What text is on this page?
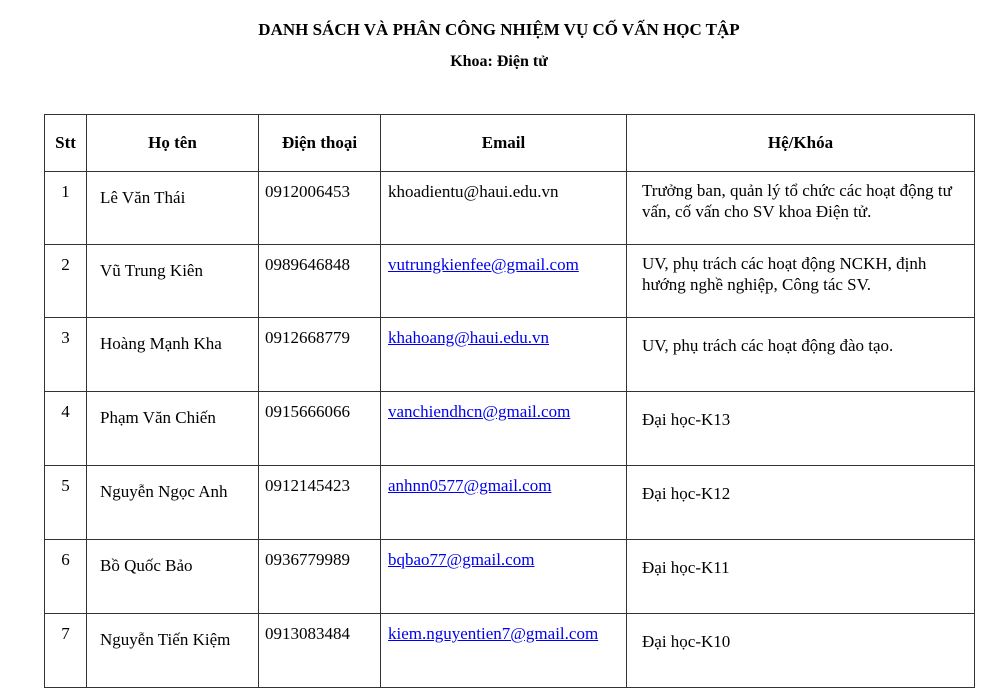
DANH SÁCH VÀ PHÂN CÔNG NHIỆM VỤ CỐ VẤN HỌC TẬP
Khoa: Điện tử
Stt	Họ tên	Điện thoại	Email	Hệ/Khóa
1	Lê Văn Thái	0912006453	khoadientu@haui.edu.vn	Trưởng ban, quản lý tổ chức các hoạt động tư vấn, cố vấn cho SV khoa Điện tử.
2	Vũ Trung Kiên	0989646848	vutrungkienfee@gmail.com	UV, phụ trách các hoạt động NCKH, định hướng nghề nghiệp, Công tác SV.
3	Hoàng Mạnh Kha	0912668779	khahoang@haui.edu.vn	UV, phụ trách các hoạt động đào tạo.
4	Phạm Văn Chiến	0915666066	vanchiendhcn@gmail.com	Đại học-K13
5	Nguyễn Ngọc Anh	0912145423	anhnn0577@gmail.com	Đại học-K12
6	Bồ Quốc Bảo	0936779989	bqbao77@gmail.com	Đại học-K11
7	Nguyễn Tiến Kiệm	0913083484	kiem.nguyentien7@gmail.com	Đại học-K10
